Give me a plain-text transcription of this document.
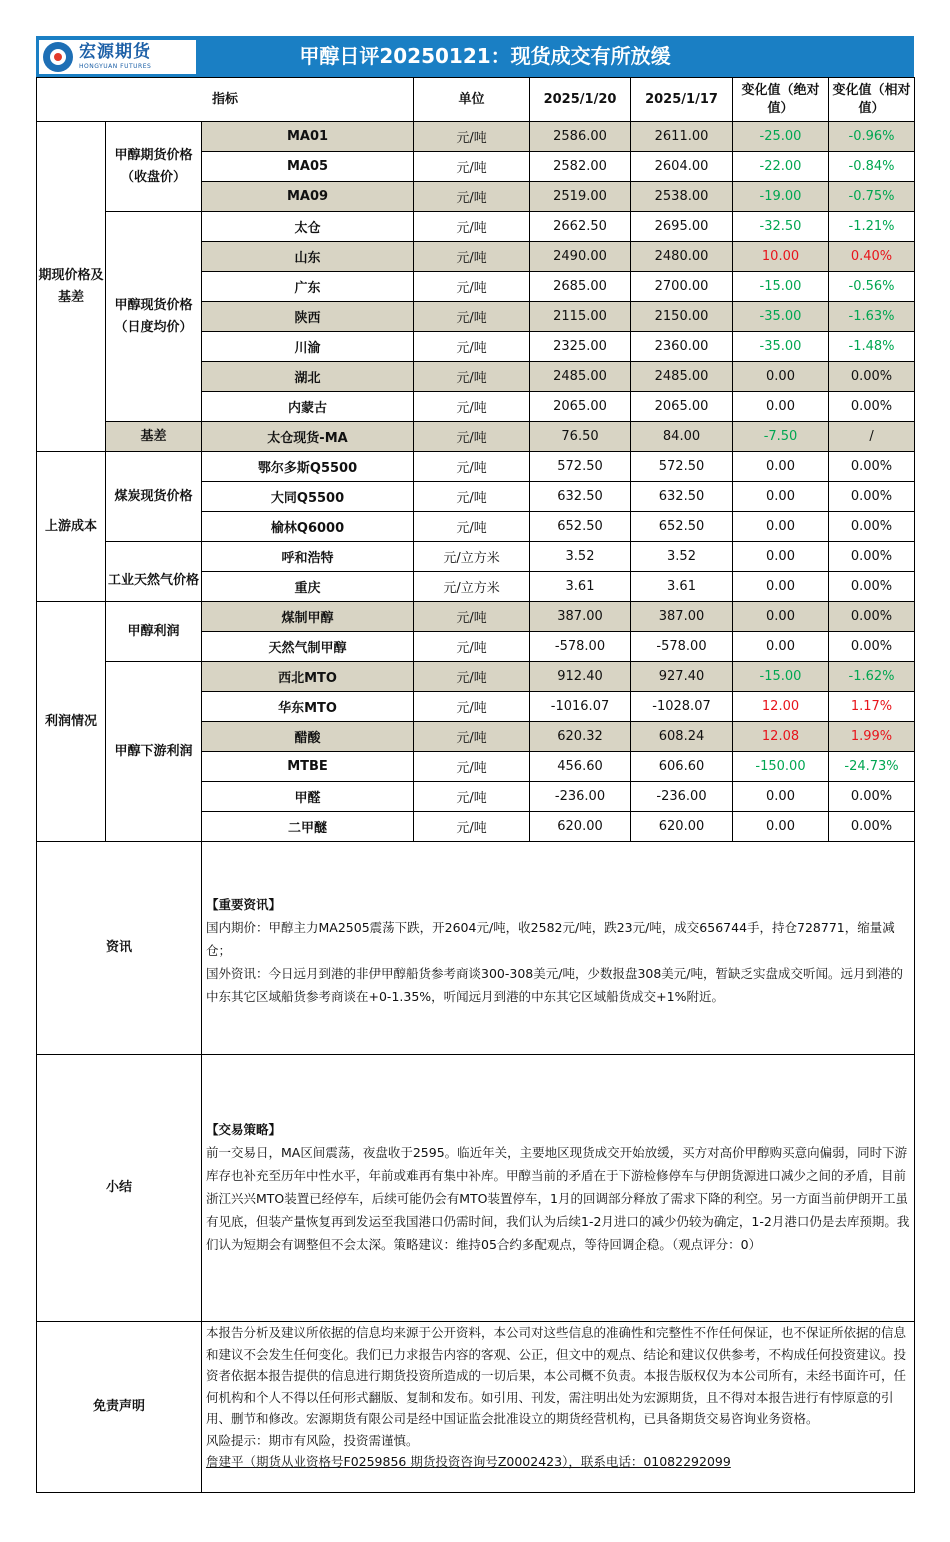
宏源期货
HONGYUAN FUTURES	甲醇日评20250121：现货成交有所放缓
指标			单位	2025/1/20	2025/1/17	变化值（绝对值）	变化值（相对值）
期现价格及基差	甲醇期货价格（收盘价）	MA01	元/吨	2586.00	2611.00	-25.00	-0.96%
		MA05	元/吨	2582.00	2604.00	-22.00	-0.84%
		MA09	元/吨	2519.00	2538.00	-19.00	-0.75%
	甲醇现货价格（日度均价）	太仓	元/吨	2662.50	2695.00	-32.50	-1.21%
		山东	元/吨	2490.00	2480.00	10.00	0.40%
		广东	元/吨	2685.00	2700.00	-15.00	-0.56%
		陕西	元/吨	2115.00	2150.00	-35.00	-1.63%
		川渝	元/吨	2325.00	2360.00	-35.00	-1.48%
		湖北	元/吨	2485.00	2485.00	0.00	0.00%
		内蒙古	元/吨	2065.00	2065.00	0.00	0.00%
	基差	太仓现货-MA	元/吨	76.50	84.00	-7.50	/
上游成本	煤炭现货价格	鄂尔多斯Q5500	元/吨	572.50	572.50	0.00	0.00%
		大同Q5500	元/吨	632.50	632.50	0.00	0.00%
		榆林Q6000	元/吨	652.50	652.50	0.00	0.00%
	工业天然气价格	呼和浩特	元/立方米	3.52	3.52	0.00	0.00%
		重庆	元/立方米	3.61	3.61	0.00	0.00%
利润情况	甲醇利润	煤制甲醇	元/吨	387.00	387.00	0.00	0.00%
		天然气制甲醇	元/吨	-578.00	-578.00	0.00	0.00%
	甲醇下游利润	西北MTO	元/吨	912.40	927.40	-15.00	-1.62%
		华东MTO	元/吨	-1016.07	-1028.07	12.00	1.17%
		醋酸	元/吨	620.32	608.24	12.08	1.99%
		MTBE	元/吨	456.60	606.60	-150.00	-24.73%
		甲醛	元/吨	-236.00	-236.00	0.00	0.00%
		二甲醚	元/吨	620.00	620.00	0.00	0.00%
资讯		【重要资讯】

国内期价：甲醇主力MA2505震荡下跌，开2604元/吨，收2582元/吨，跌23元/吨，成交656744手，持仓728771，缩量减仓；

国外资讯：今日远月到港的非伊甲醇船货参考商谈300-308美元/吨，少数报盘308美元/吨，暂缺乏实盘成交听闻。远月到港的中东其它区域船货参考商谈在+0-1.35%，听闻远月到港的中东其它区域船货成交+1%附近。					

小结		【交易策略】

前一交易日，MA区间震荡，夜盘收于2595。临近年关，主要地区现货成交开始放缓，买方对高价甲醇购买意向偏弱，同时下游库存也补充至历年中性水平，年前或难再有集中补库。甲醇当前的矛盾在于下游检修停车与伊朗货源进口减少之间的矛盾，目前浙江兴兴MTO装置已经停车，后续可能仍会有MTO装置停车，1月的回调部分释放了需求下降的利空。另一方面当前伊朗开工虽有见底，但装产量恢复再到发运至我国港口仍需时间，我们认为后续1-2月进口的减少仍较为确定，1-2月港口仍是去库预期。我们认为短期会有调整但不会太深。策略建议：维持05合约多配观点，等待回调企稳。（观点评分：0）					

免责声明		本报告分析及建议所依据的信息均来源于公开资料，本公司对这些信息的准确性和完整性不作任何保证，也不保证所依据的信息和建议不会发生任何变化。我们已力求报告内容的客观、公正，但文中的观点、结论和建议仅供参考，不构成任何投资建议。投资者依据本报告提供的信息进行期货投资所造成的一切后果，本公司概不负责。本报告版权仅为本公司所有，未经书面许可，任何机构和个人不得以任何形式翻版、复制和发布。如引用、刊发，需注明出处为宏源期货，且不得对本报告进行有悖原意的引用、删节和修改。宏源期货有限公司是经中国证监会批准设立的期货经营机构，已具备期货交易咨询业务资格。

风险提示：期市有风险，投资需谨慎。

詹建平（期货从业资格号F0259856 期货投资咨询号Z0002423），联系电话：01082292099					
